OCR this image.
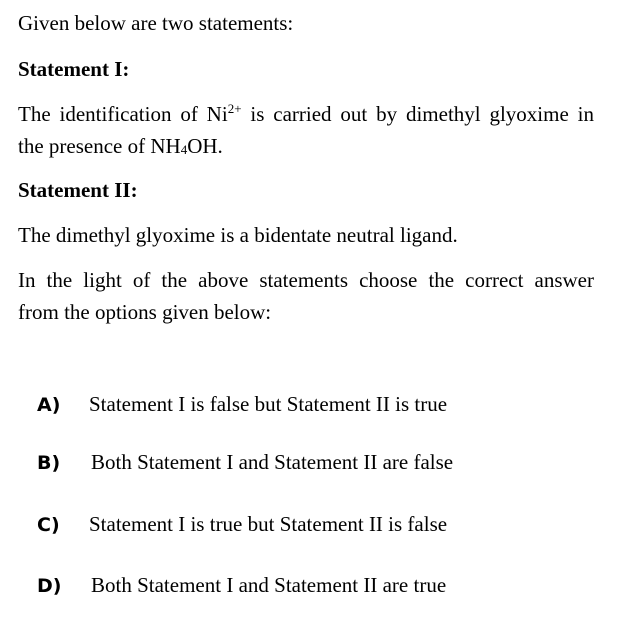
Given below are two statements:
Statement I:
The identification of $Ni^{2+}$ is carried out by dimethyl glyoxime in
the presence of $NH_4OH$.
Statement II:
The dimethyl glyoxime is a bidentate neutral ligand.
In the light of the above statements choose the correct answer
from the options given below:
A) Statement I is false but Statement II is true
B) Both Statement I and Statement II are false
C) Statement I is true but Statement II is false
D) Both Statement I and Statement II are true
